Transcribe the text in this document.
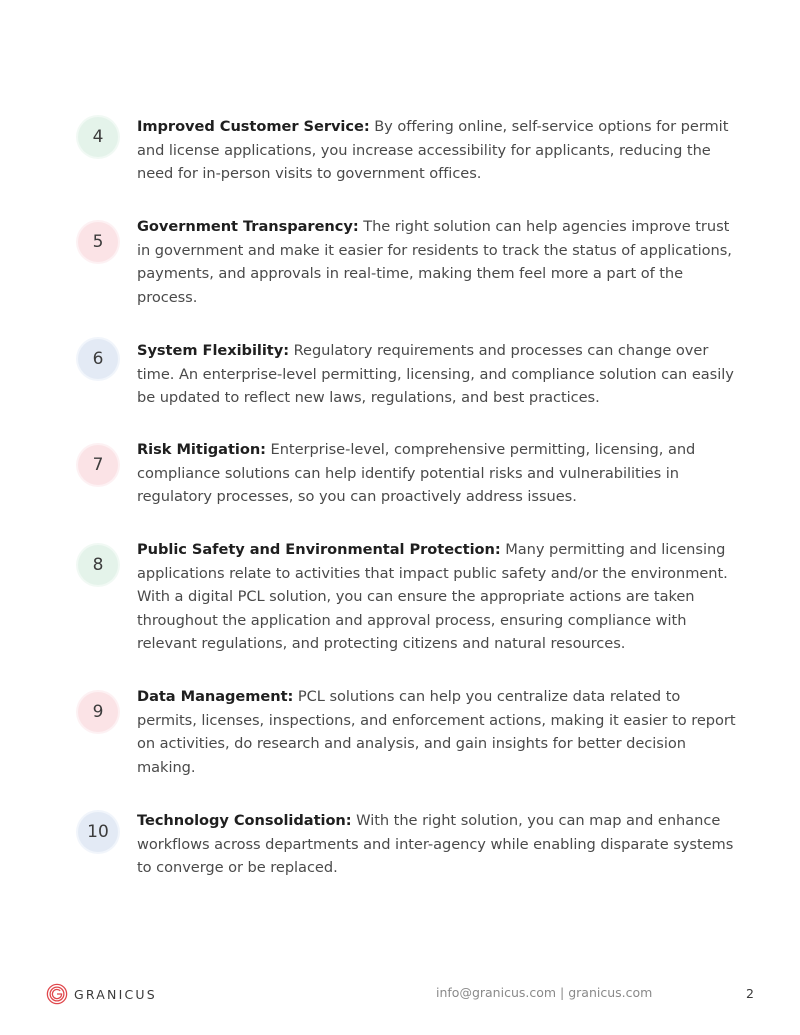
4
Improved Customer Service: By offering online, self-service options for permit and license applications, you increase accessibility for applicants, reducing the need for in-person visits to government offices.
5
Government Transparency: The right solution can help agencies improve trust in government and make it easier for residents to track the status of applications, payments, and approvals in real-time, making them feel more a part of the process.
6	System Flexibility: Regulatory requirements and processes can change over time. An enterprise-level permitting, licensing, and compliance solution can easily be updated to reflect new laws, regulations, and best practices.
7
Risk Mitigation: Enterprise-level, comprehensive permitting, licensing, and compliance solutions can help identify potential risks and vulnerabilities in regulatory processes, so you can proactively address issues.
8
Public Safety and Environmental Protection: Many permitting and licensing applications relate to activities that impact public safety and/or the environment. With a digital PCL solution, you can ensure the appropriate actions are taken throughout the application and approval process, ensuring compliance with relevant regulations, and protecting citizens and natural resources.
9
Data Management: PCL solutions can help you centralize data related to permits, licenses, inspections, and enforcement actions, making it easier to report on activities, do research and analysis, and gain insights for better decision making.
10
Technology Consolidation: With the right solution, you can map and enhance workflows across departments and inter-agency while enabling disparate systems to converge or be replaced.
GRANICUS	info@granicus.com | granicus.com	2
